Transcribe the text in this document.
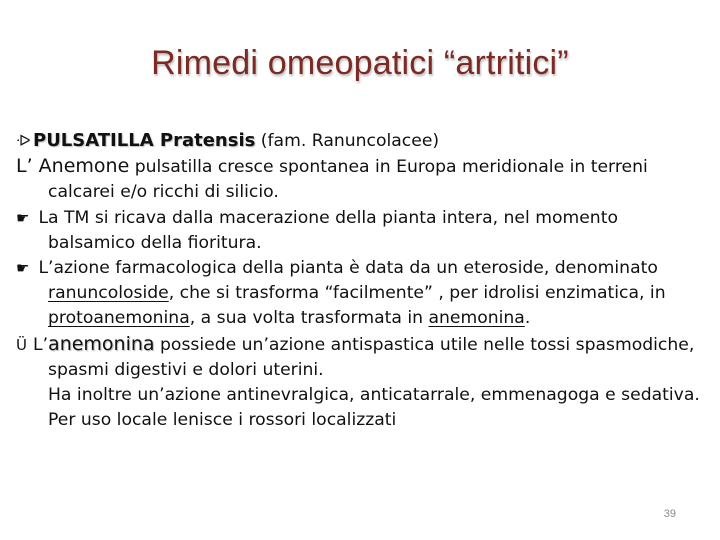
Rimedi omeopatici “artritici”

ᐒ PULSATILLA Pratensis (fam. Ranuncolacee)

L’ Anemone pulsatilla cresce spontanea in Europa meridionale in terreni calcarei e/o ricchi di silicio.

☛ La TM si ricava dalla macerazione della pianta intera, nel momento balsamico della fioritura.

☛ L’azione farmacologica della pianta è data da un eteroside, denominato ranuncoloside, che si trasforma “facilmente” , per idrolisi enzimatica, in protoanemonina, a sua volta trasformata in anemonina.

Ü L’anemonina possiede un’azione antispastica utile nelle tossi spasmodiche, spasmi digestivi e dolori uterini.
Ha inoltre un’azione antinevralgica, anticatarrale, emmenagoga e sedativa. Per uso locale lenisce i rossori localizzati

39
